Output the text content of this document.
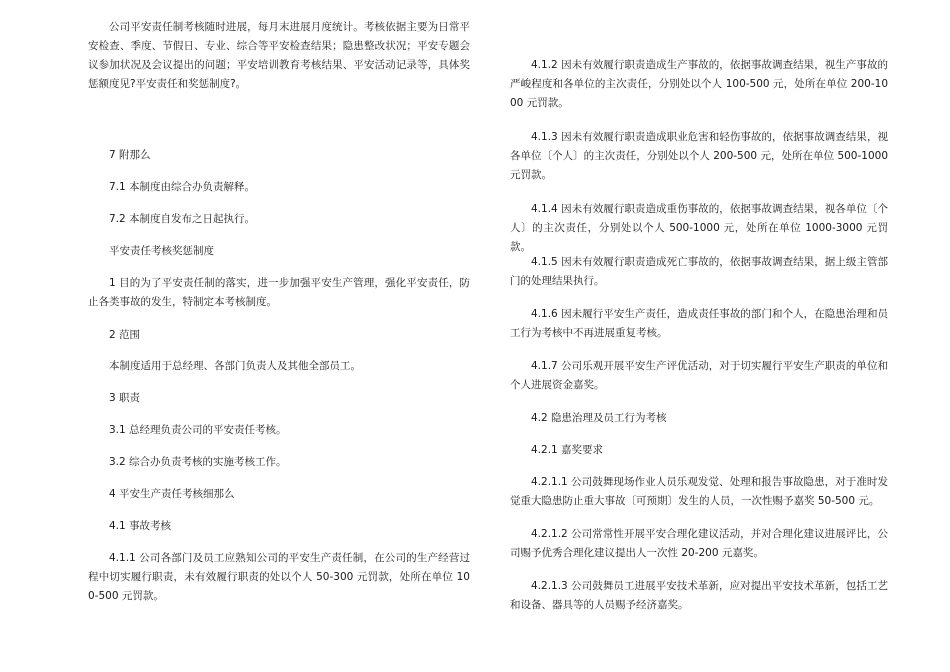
公司平安责任制考核随时进展，每月末进展月度统计。考核依据主要为日常平安检查、季度、节假日、专业、综合等平安检查结果；隐患整改状况；平安专题会议参加状况及会议提出的问题；平安培训教育考核结果、平安活动记录等，具体奖惩额度见?平安责任和奖惩制度?。

7 附那么

7.1 本制度由综合办负责解释。

7.2 本制度自发布之日起执行。

平安责任考核奖惩制度

1 目的为了平安责任制的落实，进一步加强平安生产管理，强化平安责任，防止各类事故的发生，特制定本考核制度。

2 范围

本制度适用于总经理、各部门负责人及其他全部员工。

3 职责

3.1 总经理负责公司的平安责任考核。

3.2 综合办负责考核的实施考核工作。

4 平安生产责任考核细那么

4.1 事故考核

4.1.1 公司各部门及员工应熟知公司的平安生产责任制，在公司的生产经营过程中切实履行职责，未有效履行职责的处以个人 50-300 元罚款，处所在单位 100-500 元罚款。

4.1.2 因未有效履行职责造成生产事故的，依据事故调查结果，视生产事故的严峻程度和各单位的主次责任，分别处以个人 100-500 元，处所在单位 200-1000 元罚款。

4.1.3 因未有效履行职责造成职业危害和轻伤事故的，依据事故调查结果，视各单位〔个人〕的主次责任，分别处以个人 200-500 元，处所在单位 500-1000 元罚款。

4.1.4 因未有效履行职责造成重伤事故的，依据事故调查结果，视各单位〔个人〕的主次责任，分别处以个人 500-1000 元，处所在单位 1000-3000 元罚款。

4.1.5 因未有效履行职责造成死亡事故的，依据事故调查结果，据上级主管部门的处理结果执行。

4.1.6 因未履行平安生产责任，造成责任事故的部门和个人，在隐患治理和员工行为考核中不再进展重复考核。

4.1.7 公司乐观开展平安生产评优活动，对于切实履行平安生产职责的单位和个人进展资金嘉奖。

4.2 隐患治理及员工行为考核

4.2.1 嘉奖要求

4.2.1.1 公司鼓舞现场作业人员乐观发觉、处理和报告事故隐患，对于准时发觉重大隐患防止重大事故〔可预期〕发生的人员，一次性赐予嘉奖 50-500 元。

4.2.1.2 公司常常性开展平安合理化建议活动，并对合理化建议进展评比，公司赐予优秀合理化建议提出人一次性 20-200 元嘉奖。

4.2.1.3 公司鼓舞员工进展平安技术革新，应对提出平安技术革新，包括工艺和设备、器具等的人员赐予经济嘉奖。
